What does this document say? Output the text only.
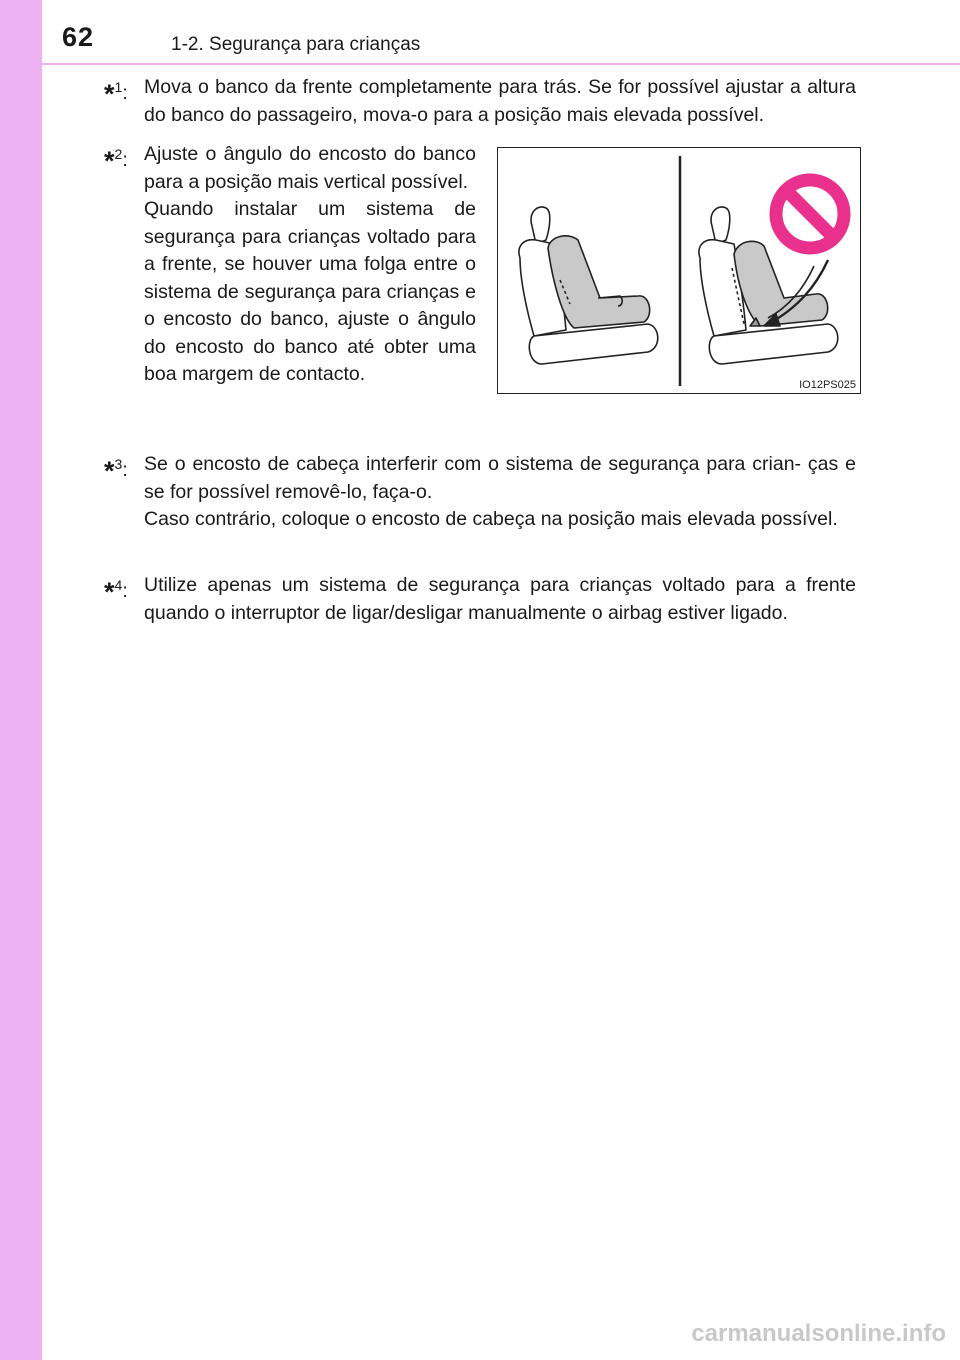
62	1-2. Segurança para crianças
*$^1$: Mova o banco da frente completamente para trás. Se for possível ajustar a altura do banco do passageiro, mova-o para a posição mais elevada possível.

*$^2$: Ajuste o ângulo do encosto do banco para a posição mais vertical possível.

Quando instalar um sistema de segurança para crianças voltado para a frente, se houver uma folga entre o sistema de segurança para crianças e o encosto do banco, ajuste o ângulo do encosto do banco até obter uma boa margem de contacto.	IO12PS025
*$^3$: Se o encosto de cabeça interferir com o sistema de segurança para crian- ças e se for possível removê-lo, faça-o.

Caso contrário, coloque o encosto de cabeça na posição mais elevada possível.

*$^4$: Utilize apenas um sistema de segurança para crianças voltado para a frente quando o interruptor de ligar/desligar manualmente o airbag estiver ligado.

carmanualsonline.info
